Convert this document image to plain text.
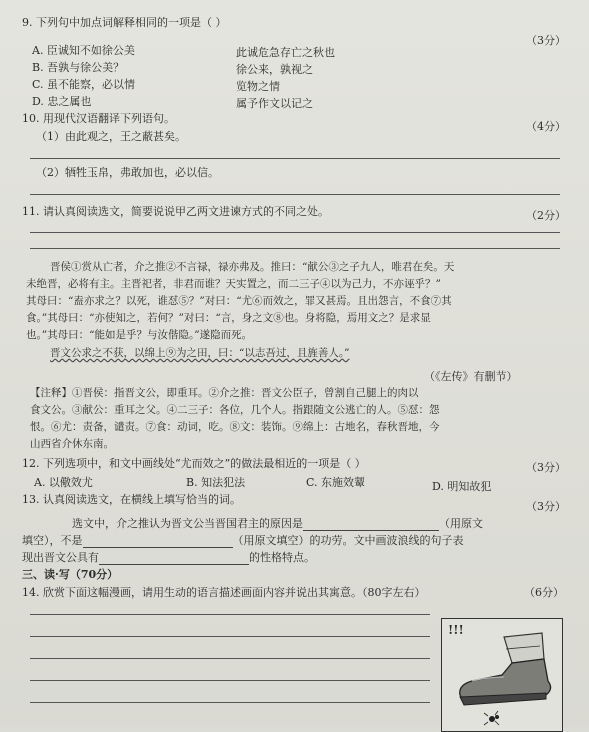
9. 下列句中加点词解释相同的一项是（ ）
（3分）
A. 臣诚知不如徐公美	此诚危急存亡之秋也
B. 吾孰与徐公美？	徐公来，孰视之
C. 虽不能察，必以情	览物之情
D. 忠之属也	属予作文以记之
10. 用现代汉语翻译下列语句。
（4分）
（1）由此观之，王之蔽甚矣。
（2）牺牲玉帛，弗敢加也，必以信。
11. 请认真阅读选文，简要说说甲乙两文进谏方式的不同之处。	（2分）
晋侯①赏从亡者，介之推②不言禄，禄亦弗及。推曰：“献公③之子九人，唯君在矣。天
未绝晋，必将有主。主晋祀者，非君而谁？天实置之，而二三子④以为己力，不亦诬乎？”
其母曰：“盍亦求之？以死，谁怼⑤？”对曰：“尤⑥而效之，罪又甚焉。且出怨言，不食⑦其
食。”其母曰：“亦使知之，若何？”对曰：“言，身之文⑧也。身将隐，焉用文之？是求显
也。”其母曰：“能如是乎？与汝偕隐。”遂隐而死。
晋文公求之不获，以绵上⑨为之田，曰：“以志吾过，且旌善人。”
（《左传》有删节）
【注释】①晋侯：指晋文公，即重耳。②介之推：晋文公臣子，曾割自己腿上的肉以
食文公。③献公：重耳之父。④二三子：各位，几个人。指跟随文公逃亡的人。⑤怼：怨
恨。⑥尤：责备，谴责。⑦食：动词，吃。⑧文：装饰。⑨绵上：古地名，春秋晋地，今
山西省介休东南。
12. 下列选项中，和文中画线处“尤而效之”的做法最相近的一项是（ ）	（3分）
A. 以儆效尤	B. 知法犯法	C. 东施效颦	D. 明知故犯
13. 认真阅读选文，在横线上填写恰当的词。
（3分）
选文中，介之推认为晋文公当晋国君主的原因是	（用原文
填空），不是	（用原文填空）的功劳。文中画波浪线的句子表
现出晋文公具有	的性格特点。
三、读·写（70分）
14. 欣赏下面这幅漫画，请用生动的语言描述画面内容并说出其寓意。（80字左右）	（6分）
!!!
